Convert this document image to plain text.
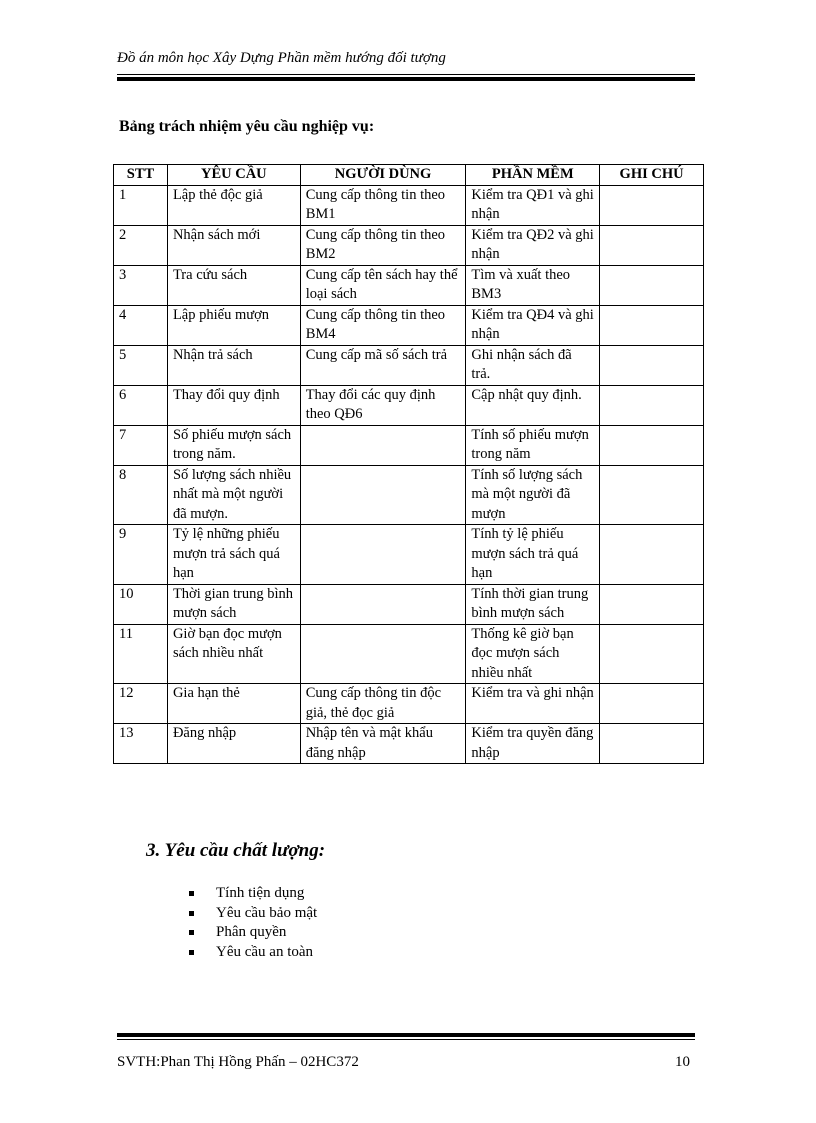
Đồ án môn học Xây Dựng Phần mềm hướng đối tượng
Bảng trách nhiệm yêu cầu nghiệp vụ:
STT	YÊU CẦU	NGƯỜI DÙNG	PHẦN MỀM	GHI CHÚ
1	Lập thẻ độc giả	Cung cấp thông tin theo BM1	Kiểm tra QĐ1 và ghi nhận	
2	Nhận sách mới	Cung cấp thông tin theo BM2	Kiểm tra QĐ2 và ghi nhận	
3	Tra cứu sách	Cung cấp tên sách hay thể loại sách	Tìm và xuất theo BM3	
4	Lập phiếu mượn	Cung cấp thông tin theo BM4	Kiểm tra QĐ4 và ghi nhận	
5	Nhận trả sách	Cung cấp mã số sách trả	Ghi nhận sách đã trả.	
6	Thay đổi quy định	Thay đổi các quy định theo QĐ6	Cập nhật quy định.	
7	Số phiếu mượn sách trong năm.		Tính số phiếu mượn trong năm	
8	Số lượng sách nhiều nhất mà một người đã mượn.		Tính số lượng sách mà một người đã mượn	
9	Tỷ lệ những phiếu mượn trả sách quá hạn		Tính tỷ lệ phiếu mượn sách trả quá hạn	
10	Thời gian trung bình mượn sách		Tính thời gian trung bình mượn sách	
11	Giờ bạn đọc mượn sách nhiều nhất		Thống kê giờ bạn đọc mượn sách nhiều nhất	
12	Gia hạn thẻ	Cung cấp thông tin độc giả, thẻ đọc giả	Kiểm tra và ghi nhận	
13	Đăng nhập	Nhập tên và mật khẩu đăng nhập	Kiểm tra quyền đăng nhập	
3. Yêu cầu chất lượng:
Tính tiện dụng
Yêu cầu bảo mật
Phân quyền
Yêu cầu an toàn
SVTH:Phan Thị Hồng Phấn – 02HC372	10
